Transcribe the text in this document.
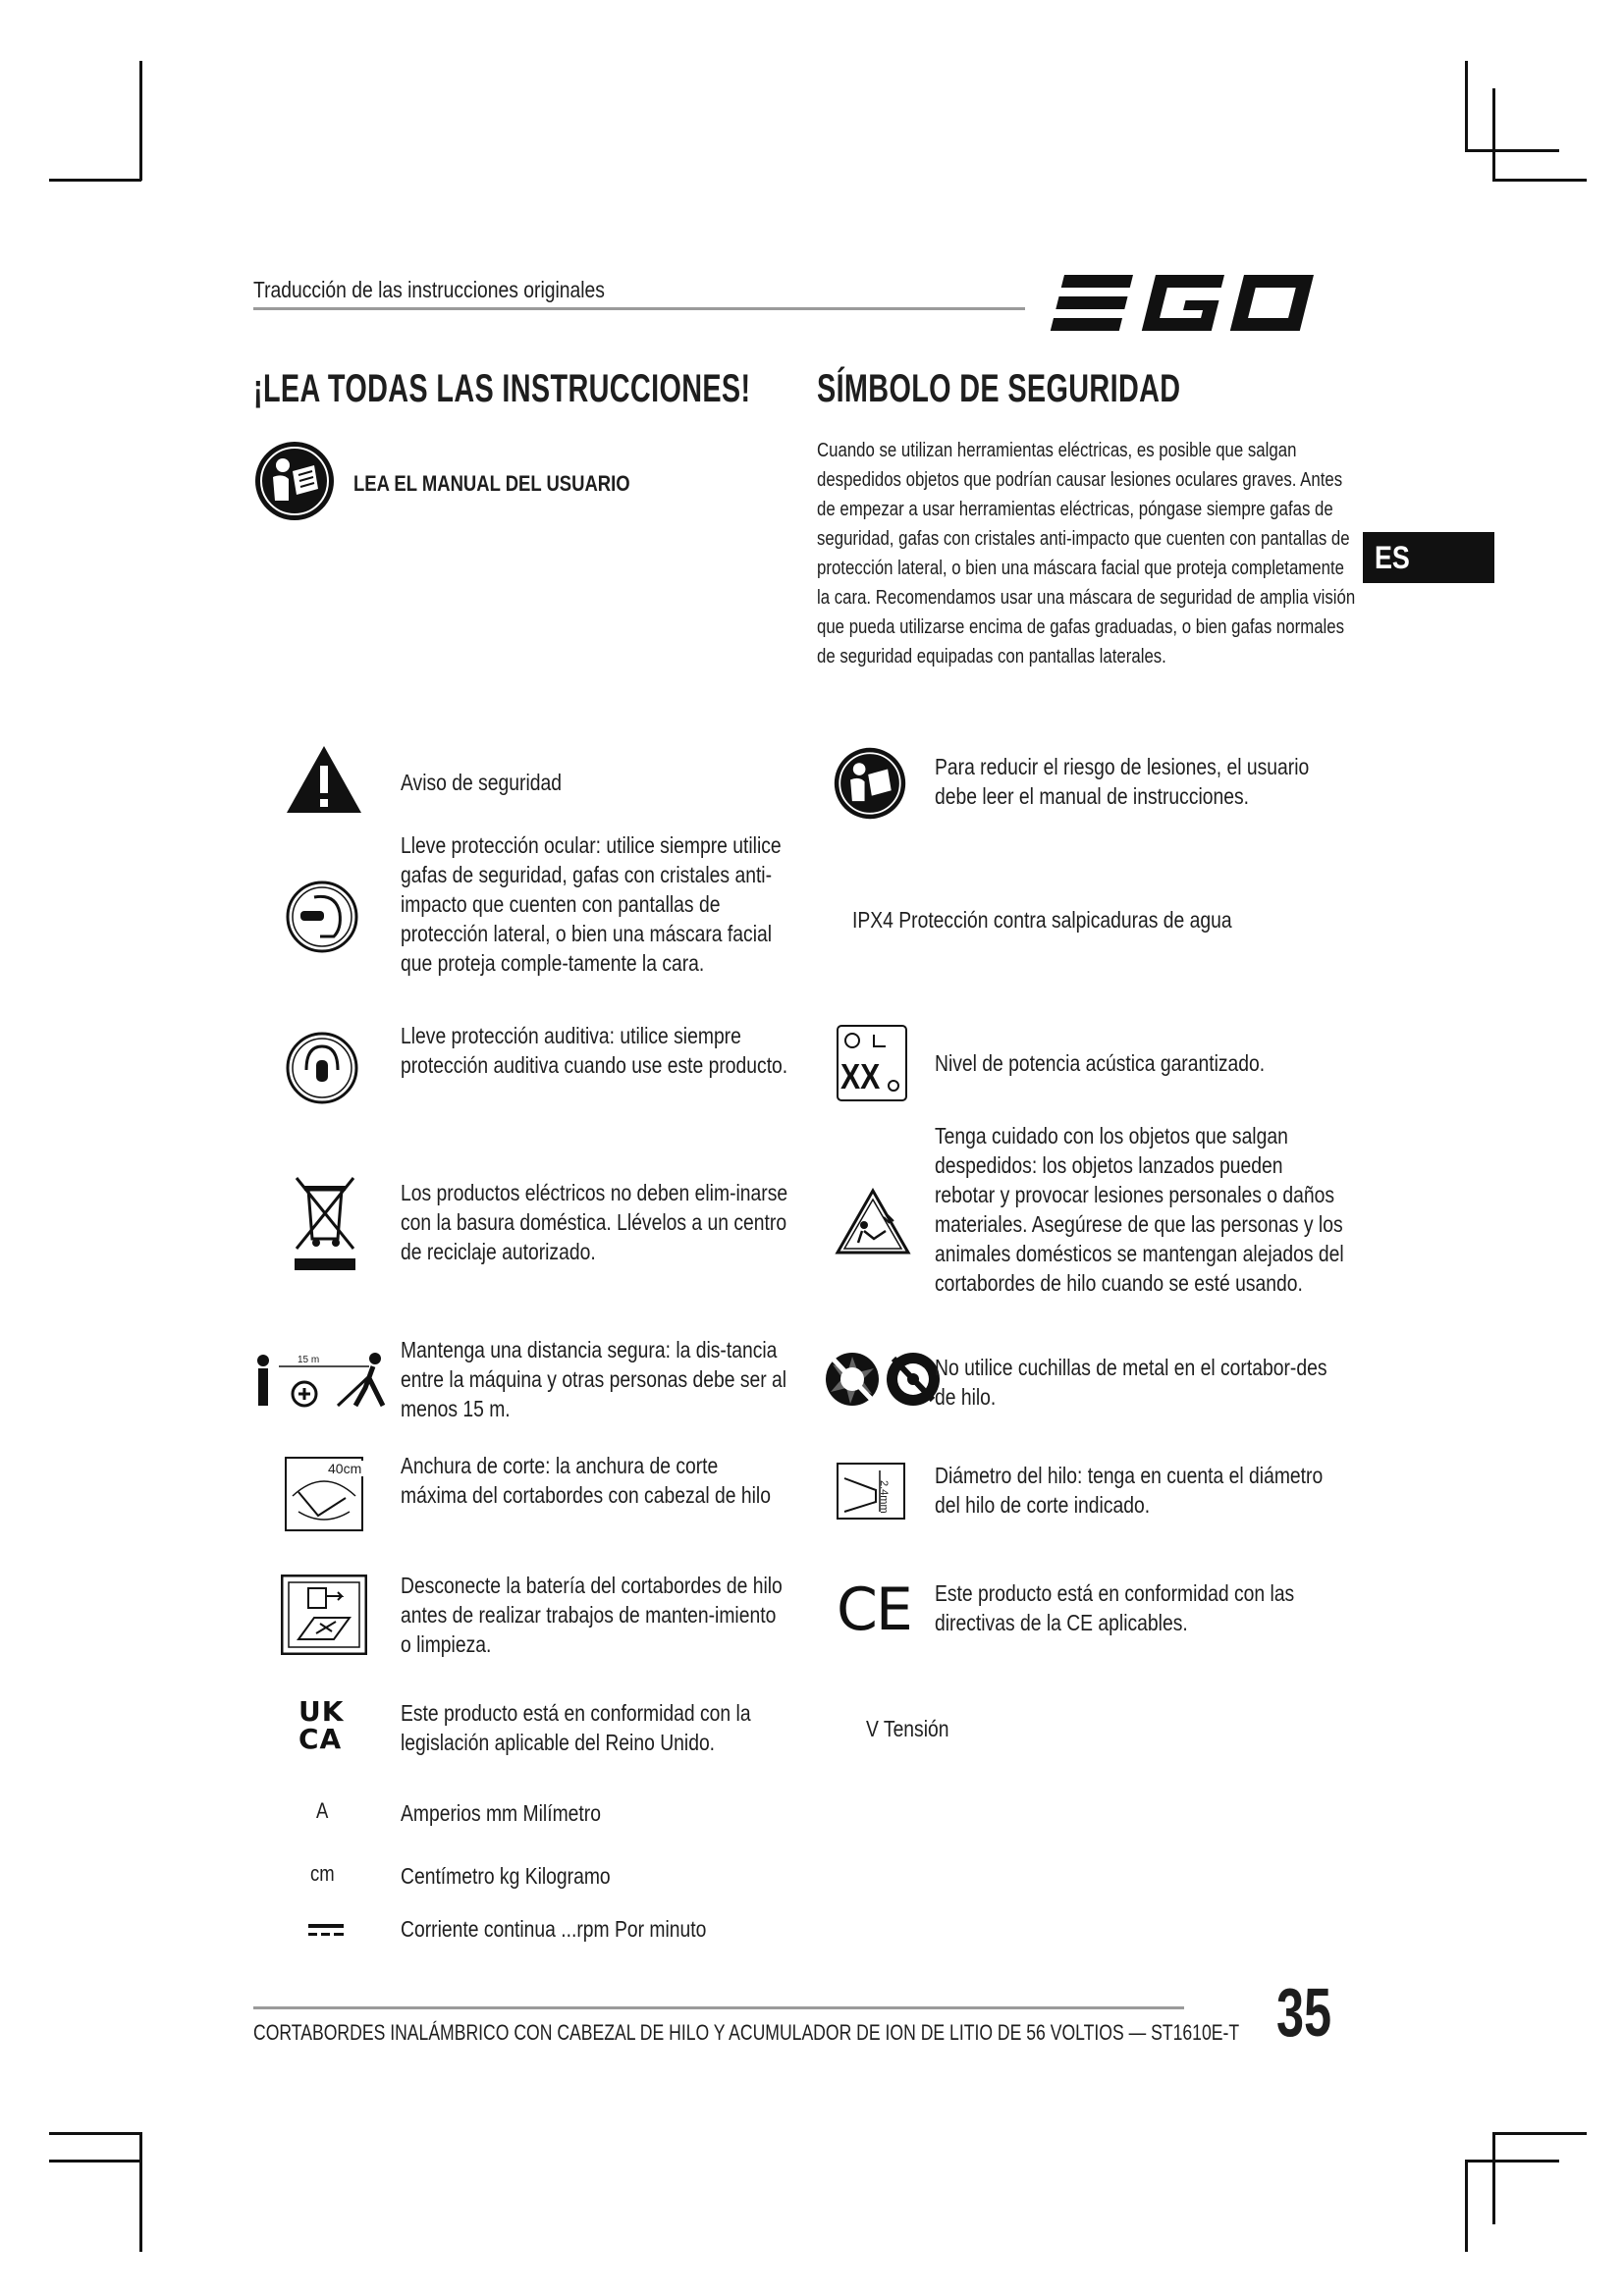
Traducción de las instrucciones originales
¡LEA TODAS LAS INSTRUCCIONES!
LEA EL MANUAL DEL USUARIO
SÍMBOLO DE SEGURIDAD
Cuando se utilizan herramientas eléctricas, es posible que salgan despedidos objetos que podrían causar lesiones oculares graves. Antes de empezar a usar herramientas eléctricas, póngase siempre gafas de seguridad, gafas con cristales anti-impacto que cuenten con pantallas de protección lateral, o bien una máscara facial que proteja completamente la cara. Recomendamos usar una máscara de seguridad de amplia visión que pueda utilizarse encima de gafas graduadas, o bien gafas normales de seguridad equipadas con pantallas laterales.
ES
Aviso de seguridad
Lleve protección ocular: utilice siempre utilice gafas de seguridad, gafas con cristales anti-impacto que cuenten con pantallas de protección lateral, o bien una máscara facial que proteja comple-tamente la cara.
Lleve protección auditiva: utilice siempre protección auditiva cuando use este producto.
Los productos eléctricos no deben elim-inarse con la basura doméstica. Llévelos a un centro de reciclaje autorizado.
15 m	Mantenga una distancia segura: la dis-tancia entre la máquina y otras personas debe ser al menos 15 m.
40cm Anchura de corte: la anchura de corte máxima del cortabordes con cabezal de hilo
Desconecte la batería del cortabordes de hilo antes de realizar trabajos de manten-imiento o limpieza.
UK
CA
Este producto está en conformidad con la legislación aplicable del Reino Unido.
Para reducir el riesgo de lesiones, el usuario debe leer el manual de instrucciones.
IPX4 Protección contra salpicaduras de agua
XX	Nivel de potencia acústica garantizado.
Tenga cuidado con los objetos que salgan despedidos: los objetos lanzados pueden rebotar y provocar lesiones personales o daños materiales. Asegúrese de que las personas y los animales domésticos se mantengan alejados del cortabordes de hilo cuando se esté usando.
No utilice cuchillas de metal en el cortabor-des de hilo.
2.4mm
Diámetro del hilo: tenga en cuenta el diámetro del hilo de corte indicado.
CE Este producto está en conformidad con las directivas de la CE aplicables.
V Tensión
A	Amperios mm Milímetro
cm	Centímetro kg Kilogramo
Corriente continua ...rpm Por minuto
CORTABORDES INALÁMBRICO CON CABEZAL DE HILO Y ACUMULADOR DE ION DE LITIO DE 56 VOLTIOS — ST1610E-T 35
